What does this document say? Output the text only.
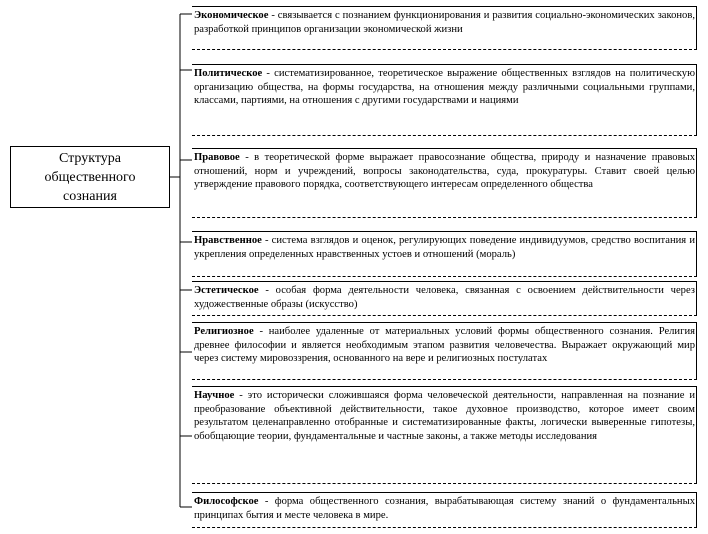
Структура
общественного
сознания
Экономическое - связывается с познанием функционирования и развития социально-экономических законов, разработкой принципов организации экономической жизни
Политическое - систематизированное, теоретическое выражение общественных взглядов на политическую организацию общества, на формы государства, на отношения между различными социальными группами, классами, партиями, на отношения с другими государствами и нациями
Правовое - в теоретической форме выражает правосознание общества, природу и назначение правовых отношений, норм и учреждений, вопросы законодательства, суда, прокуратуры. Ставит своей целью утверждение правового порядка, соответствующего интересам определенного общества
Нравственное - система взглядов и оценок, регулирующих поведение индивидуумов, средство воспитания и укрепления определенных нравственных устоев и отношений (мораль)
Эстетическое - особая форма деятельности человека, связанная с освоением действительности через художественные образы (искусство)
Религиозное - наиболее удаленные от материальных условий формы общественного сознания. Религия древнее философии и является необходимым этапом развития человечества. Выражает окружающий мир через систему мировоззрения, основанного на вере и религиозных постулатах
Научное - это исторически сложившаяся форма человеческой деятельности, направленная на познание и преобразование объективной действительности, такое духовное производство, которое имеет своим результатом целенаправленно отобранные и систематизированные факты, логически выверенные гипотезы, обобщающие теории, фундаментальные и частные законы, а также методы исследования
Философское - форма общественного сознания, вырабатывающая систему знаний о фундаментальных принципах бытия и месте человека в мире.
